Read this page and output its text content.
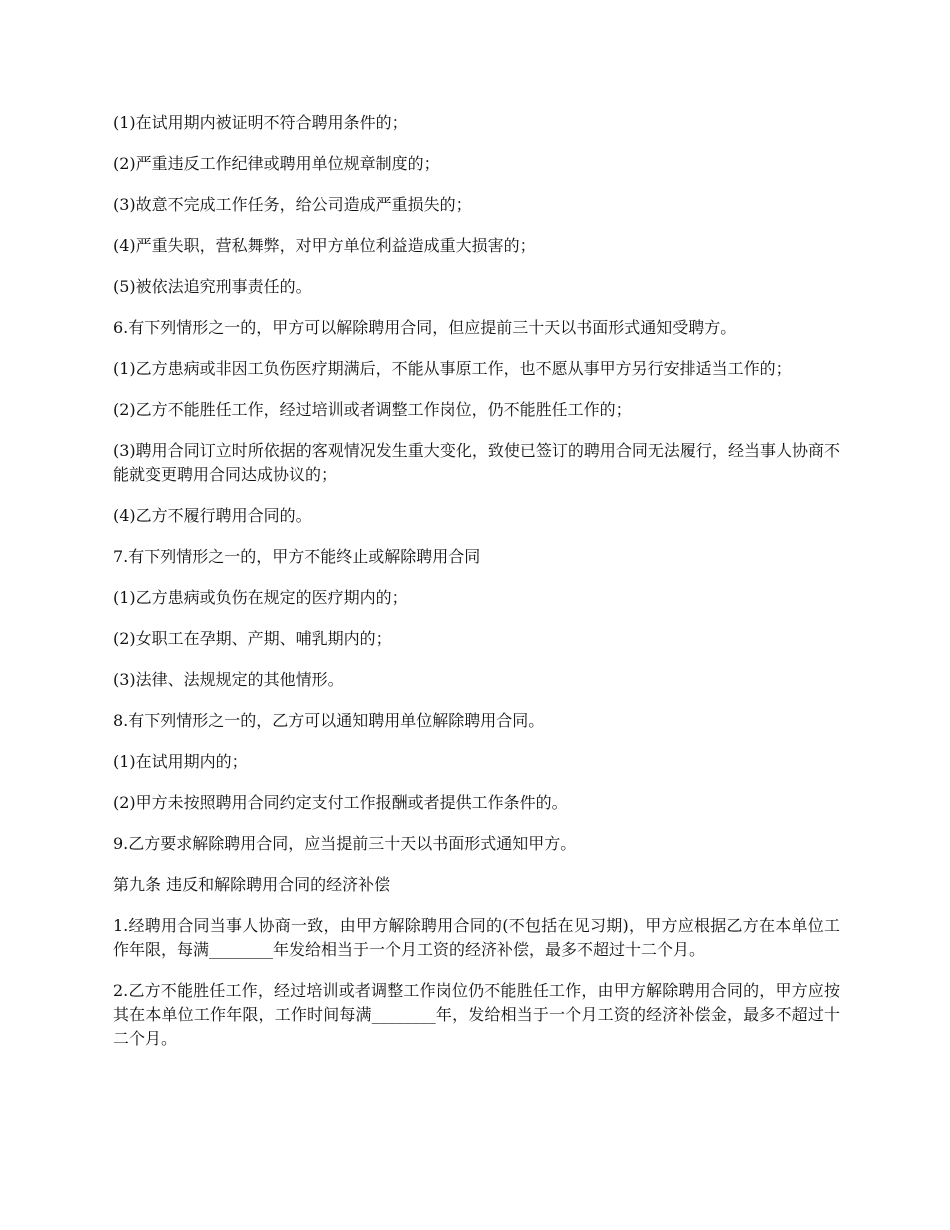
(1)在试用期内被证明不符合聘用条件的；

(2)严重违反工作纪律或聘用单位规章制度的；

(3)故意不完成工作任务，给公司造成严重损失的；

(4)严重失职，营私舞弊，对甲方单位利益造成重大损害的；

(5)被依法追究刑事责任的。

6.有下列情形之一的，甲方可以解除聘用合同，但应提前三十天以书面形式通知受聘方。

(1)乙方患病或非因工负伤医疗期满后，不能从事原工作，也不愿从事甲方另行安排适当工作的；

(2)乙方不能胜任工作，经过培训或者调整工作岗位，仍不能胜任工作的；

(3)聘用合同订立时所依据的客观情况发生重大变化，致使已签订的聘用合同无法履行，经当事人协商不能就变更聘用合同达成协议的；

(4)乙方不履行聘用合同的。

7.有下列情形之一的，甲方不能终止或解除聘用合同

(1)乙方患病或负伤在规定的医疗期内的；

(2)女职工在孕期、产期、哺乳期内的；

(3)法律、法规规定的其他情形。

8.有下列情形之一的，乙方可以通知聘用单位解除聘用合同。

(1)在试用期内的；

(2)甲方未按照聘用合同约定支付工作报酬或者提供工作条件的。

9.乙方要求解除聘用合同，应当提前三十天以书面形式通知甲方。

第九条 违反和解除聘用合同的经济补偿

1.经聘用合同当事人协商一致，由甲方解除聘用合同的(不包括在见习期)，甲方应根据乙方在本单位工作年限，每满________年发给相当于一个月工资的经济补偿，最多不超过十二个月。

2.乙方不能胜任工作，经过培训或者调整工作岗位仍不能胜任工作，由甲方解除聘用合同的，甲方应按其在本单位工作年限，工作时间每满________年，发给相当于一个月工资的经济补偿金，最多不超过十二个月。
